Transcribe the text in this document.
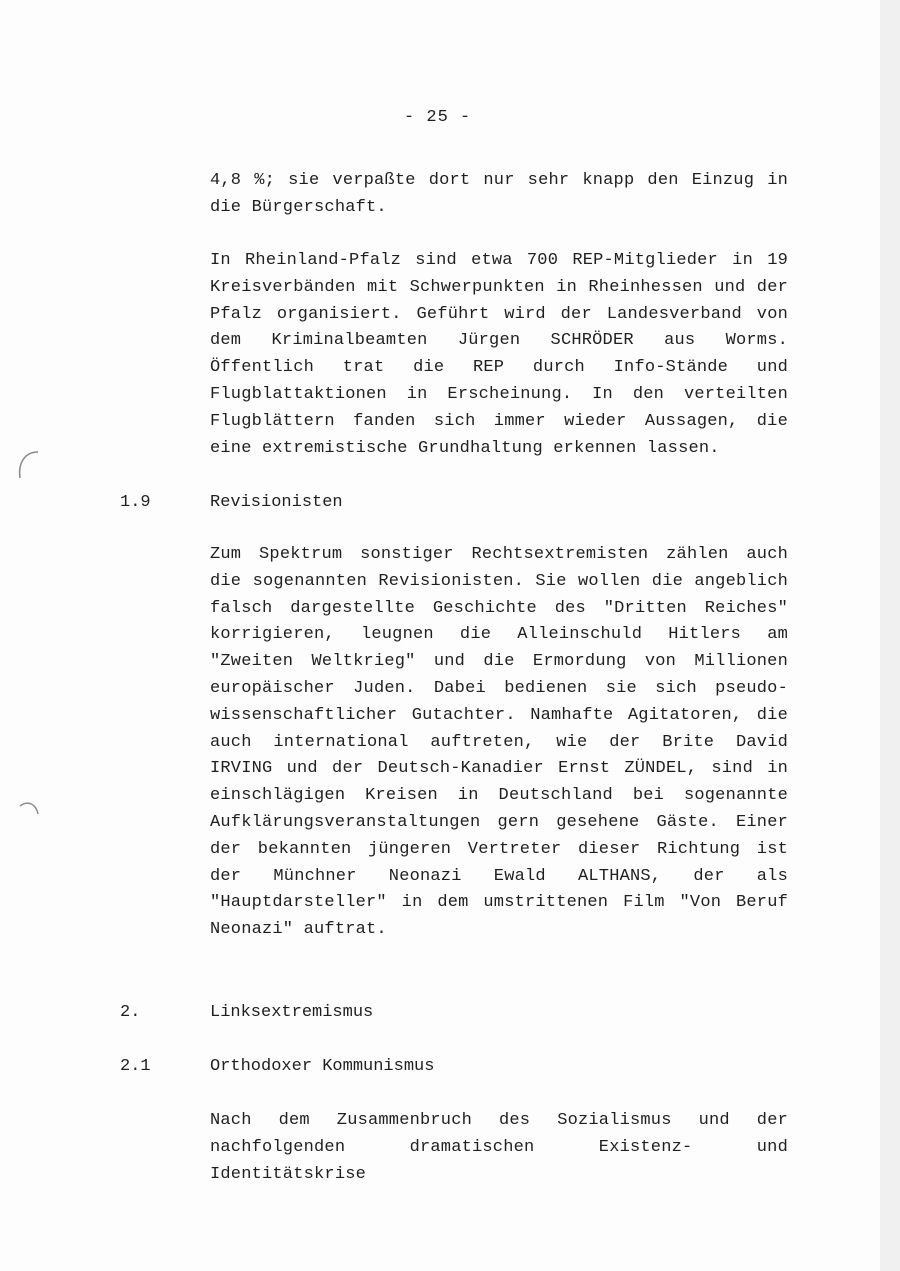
- 25 -

4,8 %; sie verpaßte dort nur sehr knapp den Einzug in die Bürgerschaft.

In Rheinland-Pfalz sind etwa 700 REP-Mitglieder in 19 Kreisverbänden mit Schwerpunkten in Rheinhessen und der Pfalz organisiert. Geführt wird der Landesverband von dem Kriminalbeamten Jürgen SCHRÖDER aus Worms. Öffentlich trat die REP durch Info-Stände und Flugblattaktionen in Erscheinung. In den verteilten Flugblättern fanden sich immer wieder Aussagen, die eine extremistische Grundhaltung erkennen lassen.

1.9	Revisionisten

Zum Spektrum sonstiger Rechtsextremisten zählen auch die sogenannten Revisionisten. Sie wollen die angeblich falsch dargestellte Geschichte des "Dritten Reiches" korrigieren, leugnen die Alleinschuld Hitlers am "Zweiten Weltkrieg" und die Ermordung von Millionen europäischer Juden. Dabei bedienen sie sich pseudo-wissenschaftlicher Gutachter. Namhafte Agitatoren, die auch international auftreten, wie der Brite David IRVING und der Deutsch-Kanadier Ernst ZÜNDEL, sind in einschlägigen Kreisen in Deutschland bei sogenannte Aufklärungsveranstaltungen gern gesehene Gäste. Einer der bekannten jüngeren Vertreter dieser Richtung ist der Münchner Neonazi Ewald ALTHANS, der als "Hauptdarsteller" in dem umstrittenen Film "Von Beruf Neonazi" auftrat.

2.	Linksextremismus
2.1	Orthodoxer Kommunismus

Nach dem Zusammenbruch des Sozialismus und der nachfolgenden dramatischen Existenz- und Identitätskrise
